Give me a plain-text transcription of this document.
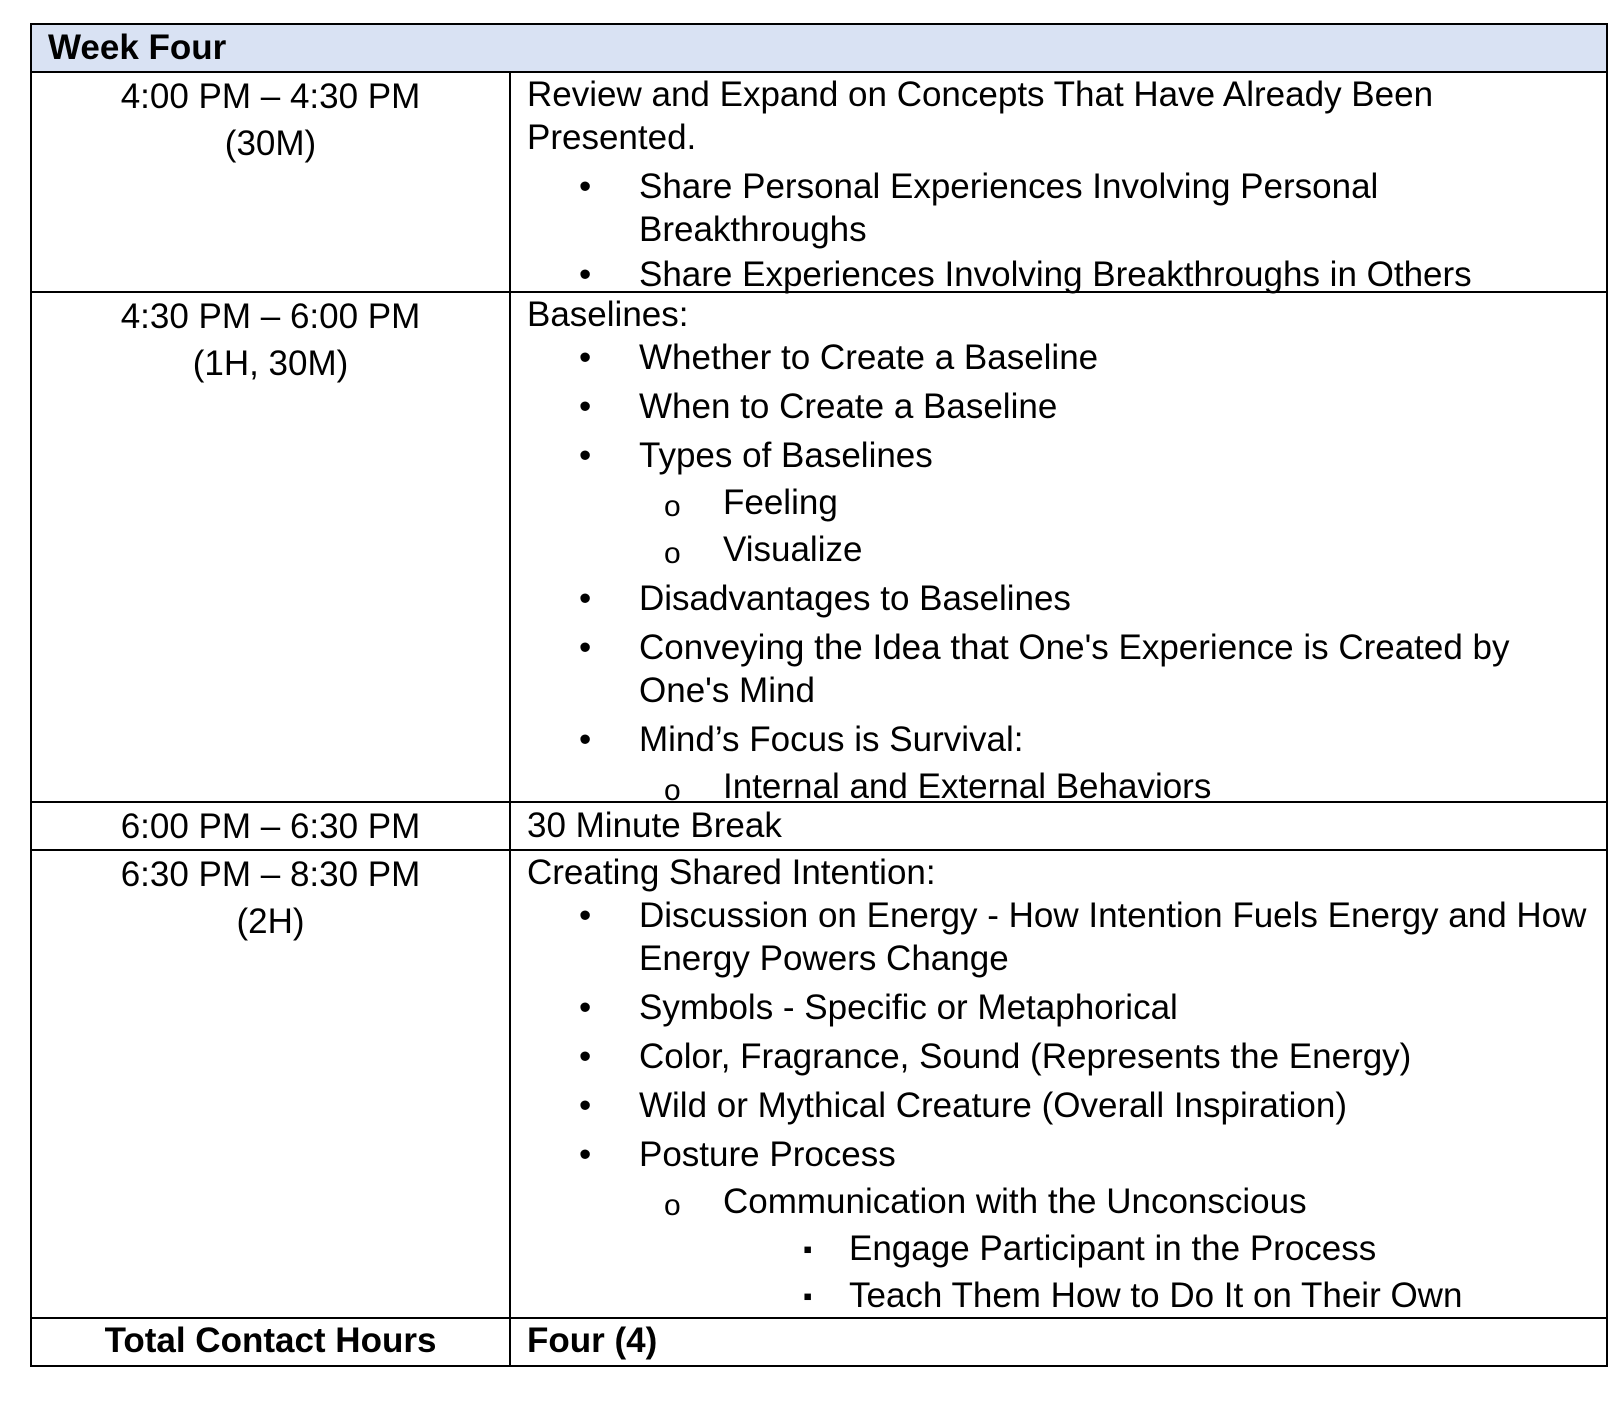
Week Four
4:00 PM – 4:30 PM
(30M)
Review and Expand on Concepts That Have Already Been Presented.
• Share Personal Experiences Involving Personal Breakthroughs
• Share Experiences Involving Breakthroughs in Others
4:30 PM – 6:00 PM
(1H, 30M)
Baselines:
• Whether to Create a Baseline
• When to Create a Baseline
• Types of Baselines
o Feeling
o Visualize
• Disadvantages to Baselines
• Conveying the Idea that One's Experience is Created by One's Mind
• Mind’s Focus is Survival:
o Internal and External Behaviors
6:00 PM – 6:30 PM	30 Minute Break
6:30 PM – 8:30 PM
(2H)
Creating Shared Intention:
• Discussion on Energy - How Intention Fuels Energy and How Energy Powers Change
• Symbols - Specific or Metaphorical
• Color, Fragrance, Sound (Represents the Energy)
• Wild or Mythical Creature (Overall Inspiration)
• Posture Process
o Communication with the Unconscious
▪ Engage Participant in the Process
▪ Teach Them How to Do It on Their Own
Total Contact Hours	Four (4)
